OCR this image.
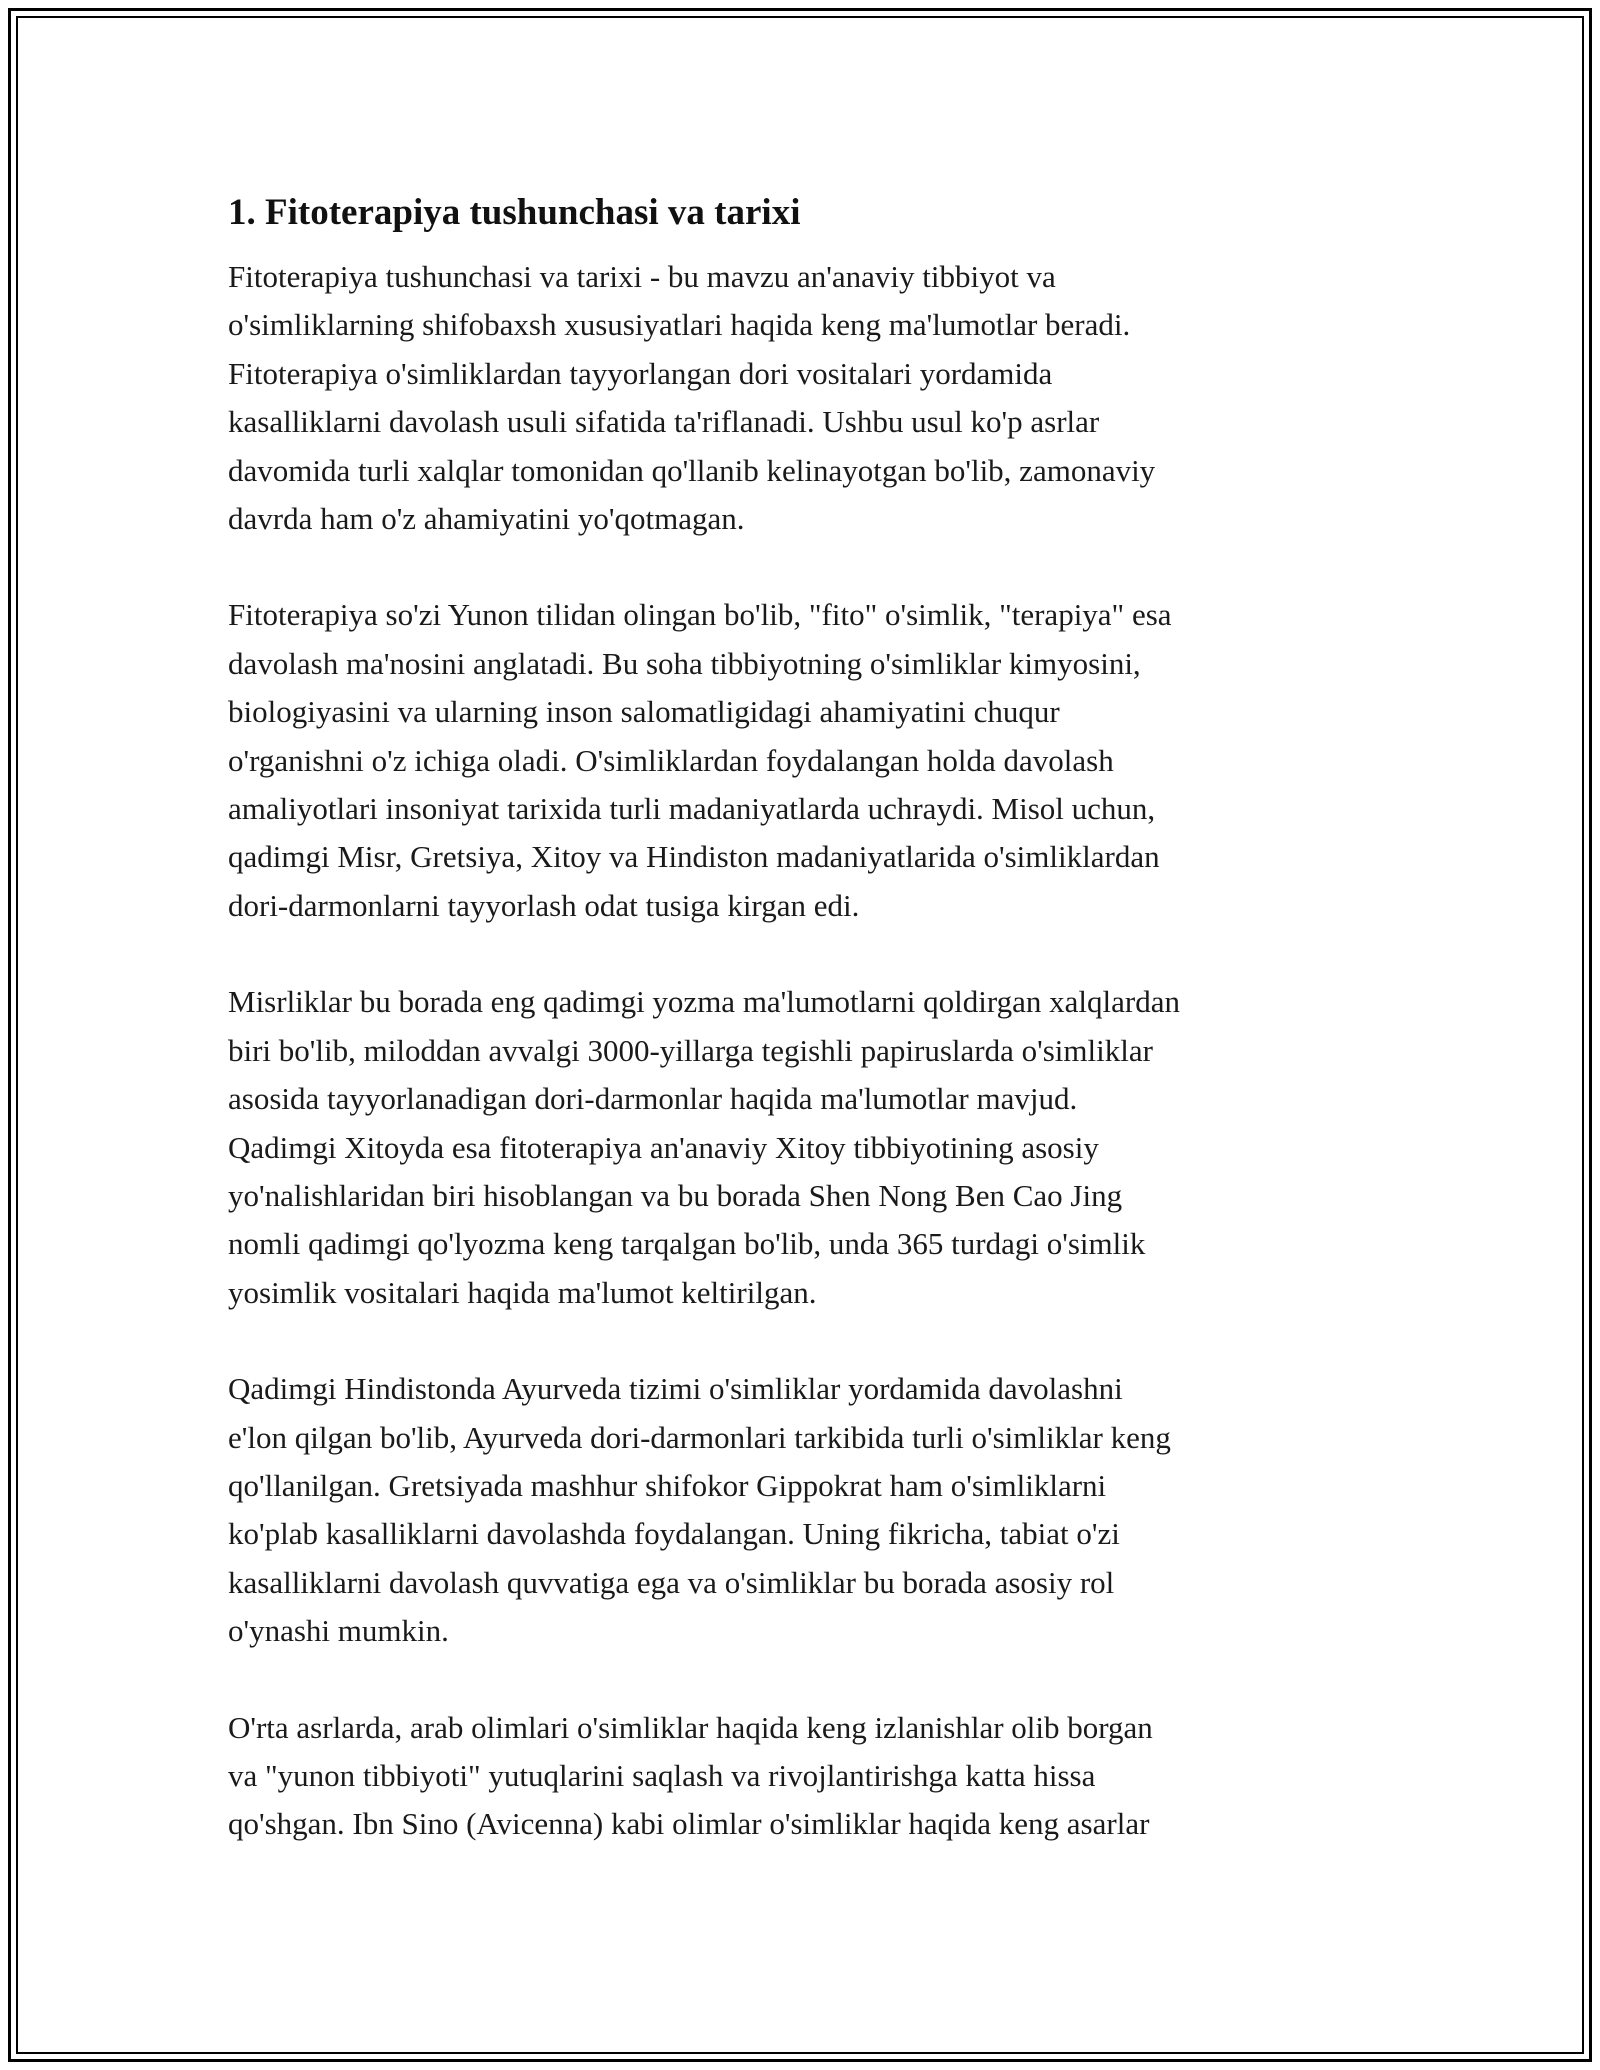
1. Fitoterapiya tushunchasi va tarixi

Fitoterapiya tushunchasi va tarixi - bu mavzu an'anaviy tibbiyot va
o'simliklarning shifobaxsh xususiyatlari haqida keng ma'lumotlar beradi.
Fitoterapiya o'simliklardan tayyorlangan dori vositalari yordamida
kasalliklarni davolash usuli sifatida ta'riflanadi. Ushbu usul ko'p asrlar
davomida turli xalqlar tomonidan qo'llanib kelinayotgan bo'lib, zamonaviy
davrda ham o'z ahamiyatini yo'qotmagan.

Fitoterapiya so'zi Yunon tilidan olingan bo'lib, "fito" o'simlik, "terapiya" esa
davolash ma'nosini anglatadi. Bu soha tibbiyotning o'simliklar kimyosini,
biologiyasini va ularning inson salomatligidagi ahamiyatini chuqur
o'rganishni o'z ichiga oladi. O'simliklardan foydalangan holda davolash
amaliyotlari insoniyat tarixida turli madaniyatlarda uchraydi. Misol uchun,
qadimgi Misr, Gretsiya, Xitoy va Hindiston madaniyatlarida o'simliklardan
dori-darmonlarni tayyorlash odat tusiga kirgan edi.

Misrliklar bu borada eng qadimgi yozma ma'lumotlarni qoldirgan xalqlardan
biri bo'lib, miloddan avvalgi 3000-yillarga tegishli papiruslarda o'simliklar
asosida tayyorlanadigan dori-darmonlar haqida ma'lumotlar mavjud.
Qadimgi Xitoyda esa fitoterapiya an'anaviy Xitoy tibbiyotining asosiy
yo'nalishlaridan biri hisoblangan va bu borada Shen Nong Ben Cao Jing
nomli qadimgi qo'lyozma keng tarqalgan bo'lib, unda 365 turdagi o'simlik
yosimlik vositalari haqida ma'lumot keltirilgan.

Qadimgi Hindistonda Ayurveda tizimi o'simliklar yordamida davolashni
e'lon qilgan bo'lib, Ayurveda dori-darmonlari tarkibida turli o'simliklar keng
qo'llanilgan. Gretsiyada mashhur shifokor Gippokrat ham o'simliklarni
ko'plab kasalliklarni davolashda foydalangan. Uning fikricha, tabiat o'zi
kasalliklarni davolash quvvatiga ega va o'simliklar bu borada asosiy rol
o'ynashi mumkin.

O'rta asrlarda, arab olimlari o'simliklar haqida keng izlanishlar olib borgan
va "yunon tibbiyoti" yutuqlarini saqlash va rivojlantirishga katta hissa
qo'shgan. Ibn Sino (Avicenna) kabi olimlar o'simliklar haqida keng asarlar
